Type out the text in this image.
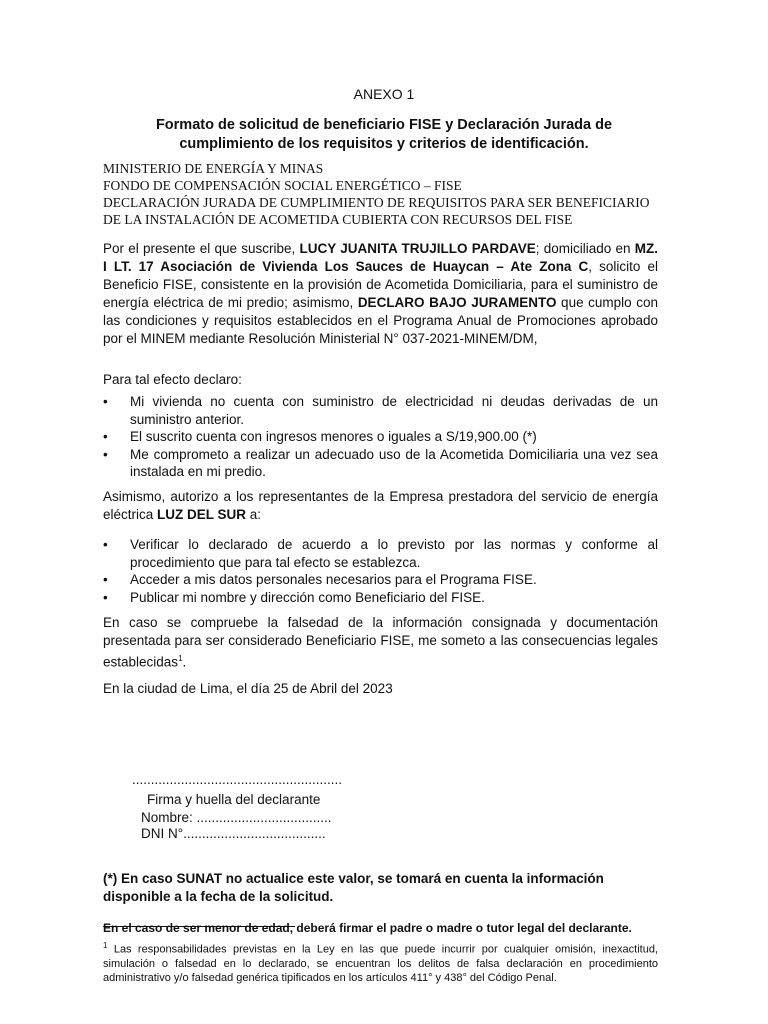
ANEXO 1
Formato de solicitud de beneficiario FISE y Declaración Jurada de cumplimiento de los requisitos y criterios de identificación.
MINISTERIO DE ENERGÍA Y MINAS
FONDO DE COMPENSACIÓN SOCIAL ENERGÉTICO – FISE
DECLARACIÓN JURADA DE CUMPLIMIENTO DE REQUISITOS PARA SER BENEFICIARIO
DE LA INSTALACIÓN DE ACOMETIDA CUBIERTA CON RECURSOS DEL FISE
Por el presente el que suscribe, LUCY JUANITA TRUJILLO PARDAVE; domiciliado en MZ. I LT. 17 Asociación de Vivienda Los Sauces de Huaycan – Ate Zona C, solicito el Beneficio FISE, consistente en la provisión de Acometida Domiciliaria, para el suministro de energía eléctrica de mi predio; asimismo, DECLARO BAJO JURAMENTO que cumplo con las condiciones y requisitos establecidos en el Programa Anual de Promociones aprobado por el MINEM mediante Resolución Ministerial N° 037-2021-MINEM/DM,
Para tal efecto declaro:

• Mi vivienda no cuenta con suministro de electricidad ni deudas derivadas de un suministro anterior.

• El suscrito cuenta con ingresos menores o iguales a S/19,900.00 (*)

• Me comprometo a realizar un adecuado uso de la Acometida Domiciliaria una vez sea instalada en mi predio.

Asimismo, autorizo a los representantes de la Empresa prestadora del servicio de energía eléctrica LUZ DEL SUR a:

• Verificar lo declarado de acuerdo a lo previsto por las normas y conforme al procedimiento que para tal efecto se establezca.

• Acceder a mis datos personales necesarios para el Programa FISE.

• Publicar mi nombre y dirección como Beneficiario del FISE.

En caso se compruebe la falsedad de la información consignada y documentación presentada para ser considerado Beneficiario FISE, me someto a las consecuencias legales establecidas$^1$.
En la ciudad de Lima, el día 25 de Abril del 2023
........................................................
Firma y huella del declarante
Nombre: ....................................
DNI N°......................................
(*) En caso SUNAT no actualice este valor, se tomará en cuenta la información disponible a la fecha de la solicitud.
En el caso de ser menor de edad, deberá firmar el padre o madre o tutor legal del declarante.
$^1$ Las responsabilidades previstas en la Ley en las que puede incurrir por cualquier omisión, inexactitud, simulación o falsedad en lo declarado, se encuentran los delitos de falsa declaración en procedimiento administrativo y/o falsedad genérica tipificados en los artículos 411° y 438° del Código Penal.
